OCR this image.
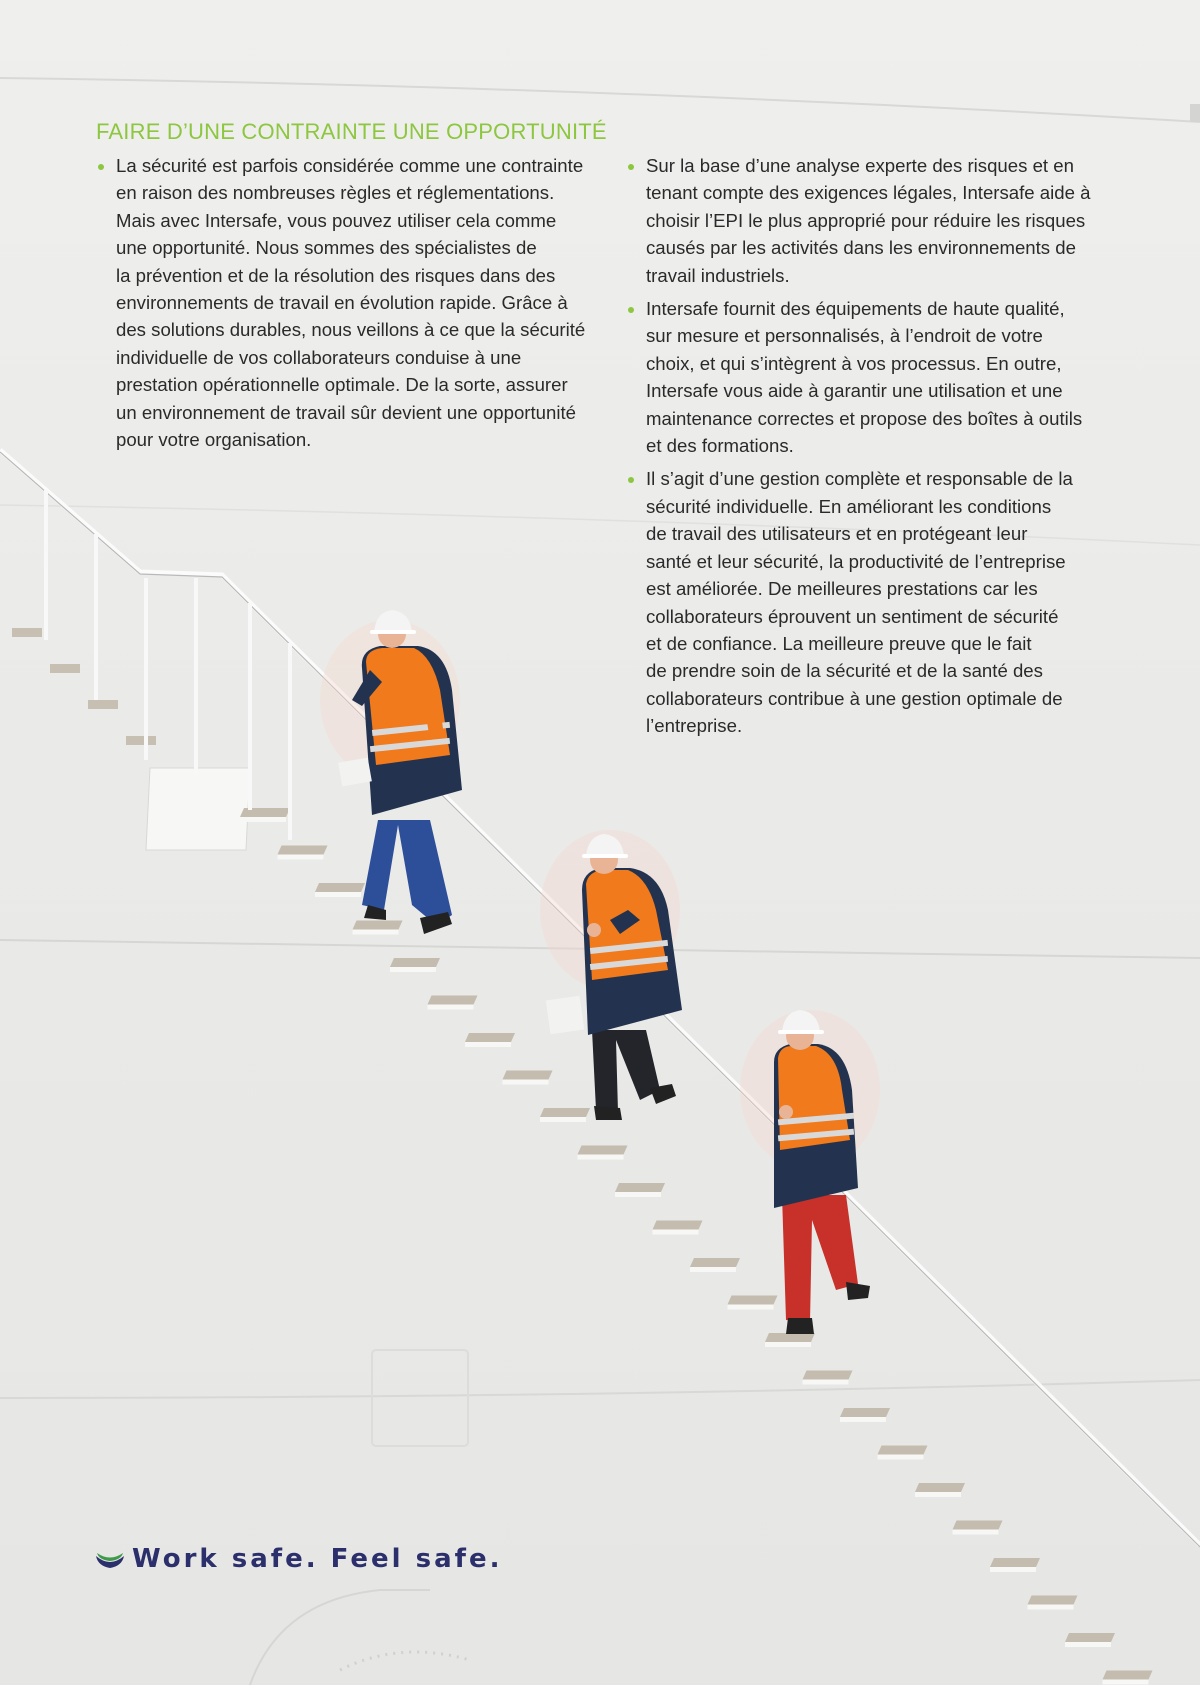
FAIRE D’UNE CONTRAINTE UNE OPPORTUNITÉ
La sécurité est parfois considérée comme une contrainte
en raison des nombreuses règles et réglementations.
Mais avec Intersafe, vous pouvez utiliser cela comme
une opportunité. Nous sommes des spécialistes de
la prévention et de la résolution des risques dans des
environnements de travail en évolution rapide. Grâce à
des solutions durables, nous veillons à ce que la sécurité
individuelle de vos collaborateurs conduise à une
prestation opérationnelle optimale. De la sorte, assurer
un environnement de travail sûr devient une opportunité
pour votre organisation.
Sur la base d’une analyse experte des risques et en
tenant compte des exigences légales, Intersafe aide à
choisir l’EPI le plus approprié pour réduire les risques
causés par les activités dans les environnements de
travail industriels.
Intersafe fournit des équipements de haute qualité,
sur mesure et personnalisés, à l’endroit de votre
choix, et qui s’intègrent à vos processus. En outre,
Intersafe vous aide à garantir une utilisation et une
maintenance correctes et propose des boîtes à outils
et des formations.
Il s’agit d’une gestion complète et responsable de la
sécurité individuelle. En améliorant les conditions
de travail des utilisateurs et en protégeant leur
santé et leur sécurité, la productivité de l’entreprise
est améliorée. De meilleures prestations car les
collaborateurs éprouvent un sentiment de sécurité
et de confiance. La meilleure preuve que le fait
de prendre soin de la sécurité et de la santé des
collaborateurs contribue à une gestion optimale de
l’entreprise.
Work safe. Feel safe.
